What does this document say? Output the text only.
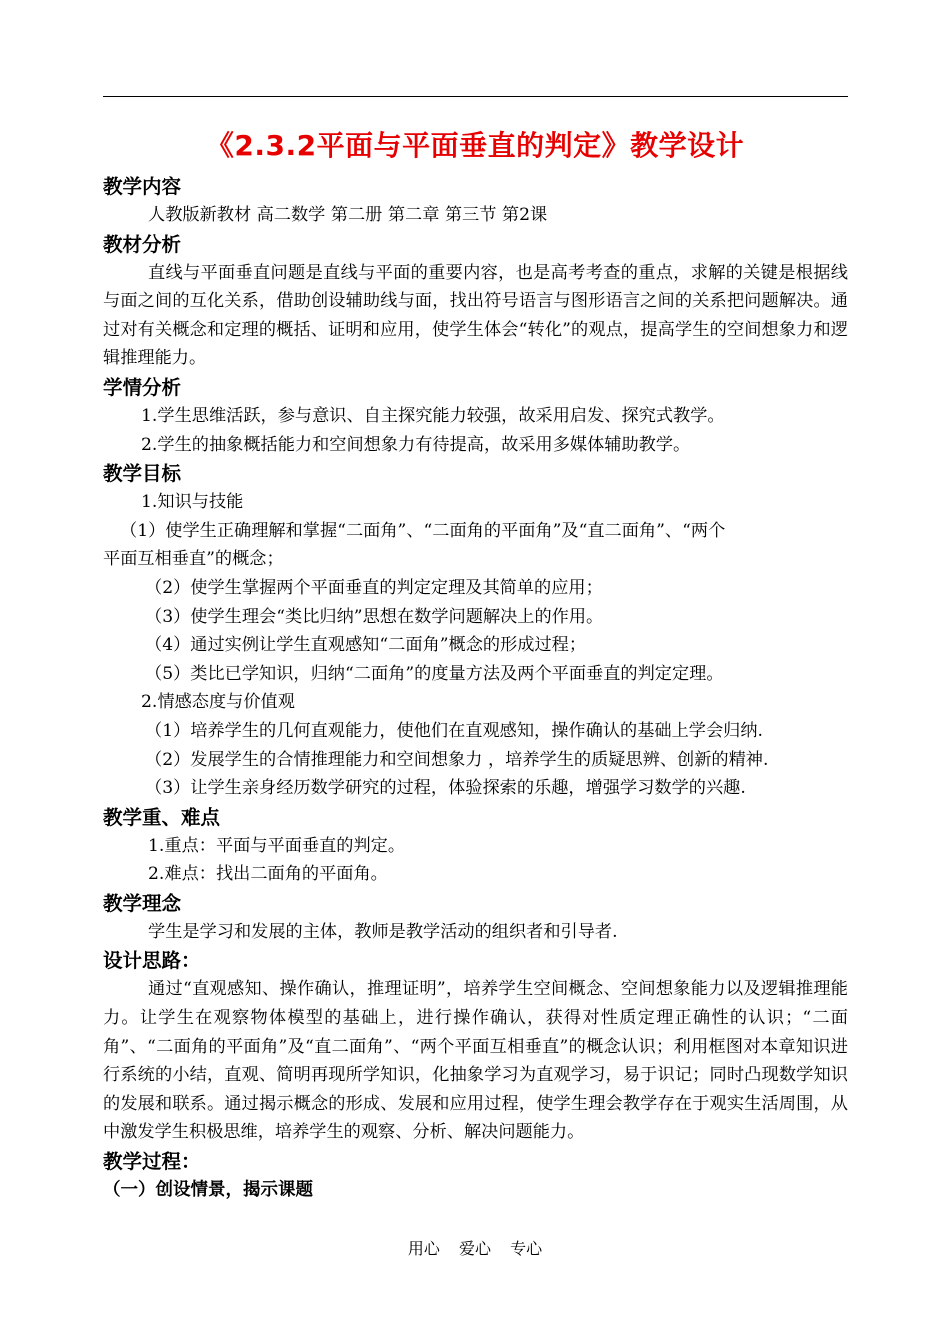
《2.3.2平面与平面垂直的判定》教学设计
教学内容

人教版新教材 高二数学 第二册 第二章 第三节 第2课

教材分析

直线与平面垂直问题是直线与平面的重要内容，也是高考考查的重点，求解的关键是根据线与面之间的互化关系，借助创设辅助线与面，找出符号语言与图形语言之间的关系把问题解决。通过对有关概念和定理的概括、证明和应用，使学生体会“转化”的观点，提高学生的空间想象力和逻辑推理能力。

学情分析

1.学生思维活跃，参与意识、自主探究能力较强，故采用启发、探究式教学。

2.学生的抽象概括能力和空间想象力有待提高，故采用多媒体辅助教学。

教学目标

1.知识与技能

（1）使学生正确理解和掌握“二面角”、“二面角的平面角”及“直二面角”、“两个

平面互相垂直”的概念；

（2）使学生掌握两个平面垂直的判定定理及其简单的应用；

（3）使学生理会“类比归纳”思想在数学问题解决上的作用。

（4）通过实例让学生直观感知“二面角”概念的形成过程；

（5）类比已学知识，归纳“二面角”的度量方法及两个平面垂直的判定定理。

2.情感态度与价值观

（1）培养学生的几何直观能力，使他们在直观感知，操作确认的基础上学会归纳.

（2）发展学生的合情推理能力和空间想象力 ，培养学生的质疑思辨、创新的精神.

（3）让学生亲身经历数学研究的过程，体验探索的乐趣，增强学习数学的兴趣.

教学重、难点

1.重点：平面与平面垂直的判定。

2.难点：找出二面角的平面角。

教学理念

学生是学习和发展的主体，教师是教学活动的组织者和引导者.

设计思路：

通过“直观感知、操作确认，推理证明”，培养学生空间概念、空间想象能力以及逻辑推理能力。让学生在观察物体模型的基础上，进行操作确认，获得对性质定理正确性的认识；“二面角”、“二面角的平面角”及“直二面角”、“两个平面互相垂直”的概念认识；利用框图对本章知识进行系统的小结，直观、简明再现所学知识，化抽象学习为直观学习，易于识记；同时凸现数学知识的发展和联系。通过揭示概念的形成、发展和应用过程，使学生理会教学存在于观实生活周围，从中激发学生积极思维，培养学生的观察、分析、解决问题能力。

教学过程：
（一）创设情景，揭示课题
用心 爱心 专心
